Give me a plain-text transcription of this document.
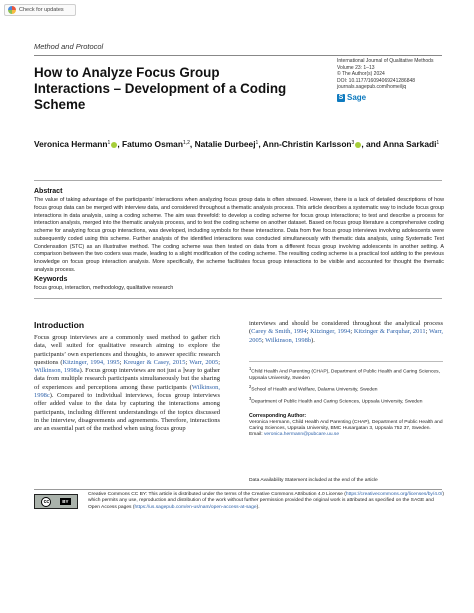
Check for updates
Method and Protocol
How to Analyze Focus Group Interactions – Development of a Coding Scheme
International Journal of Qualitative Methods
Volume 23: 1–13
© The Author(s) 2024
DOI: 10.1177/16094069241286848
journals.sagepub.com/home/ijq
S Sage
Veronica Hermann$^1$ , Fatumo Osman$^{1,2}$, Natalie Durbeej$^1$, Ann-Christin Karlsson$^3$ , and Anna Sarkadi$^1$
Abstract
The value of taking advantage of the participants’ interactions when analyzing focus group data is often stressed. However, there is a lack of detailed descriptions of how focus group data can be merged with interview data, and considered throughout a thematic analysis process. This article describes a systematic way to include focus group interactions in data analysis, using a coding scheme. The aim was threefold: to develop a coding scheme for focus group interactions; to test and describe a process for interaction analysis, merged into the thematic analysis process, and to test the coding scheme on another dataset. Based on focus group literature a comprehensive coding scheme for analyzing focus group interactions, was developed, including symbols for these interactions. Data from five focus group interviews involving adolescents were subsequently coded using this scheme. Further analysis of the identified interactions was conducted simultaneously with thematic data analysis, using Systematic Text Condensation (STC) as an illustrative method. The coding scheme was then tested on data from a different focus group involving adolescents in another setting. A comparison between the two coders was made, leading to a slight modification of the coding scheme. The resulting coding scheme is a practical tool adding to the previous knowledge on focus group interaction analysis. More specifically, the scheme facilitates focus group interactions to be visible and accounted for thought the thematic analysis process.
Keywords
focus group, interaction, methodology, qualitative research
Introduction
Focus group interviews are a commonly used method to gather rich data, well suited for qualitative research aiming to explore the participants’ own experiences and thoughts, to answer specific research questions (Kitzinger, 1994, 1995; Kreuger & Casey, 2015; Warr, 2005; Wilkinson, 1998a). Focus group interviews are not just a ]way to gather data from multiple research participants simultaneously but the sharing of experiences and perceptions among these participants (Wilkinson, 1998c). Compared to individual interviews, focus group interviews offer added value to the data by capturing the interactions among participants, including different understandings of the topics discussed in the interview, disagreements and agreements. Therefore, interactions are an essential part of the method when using focus group
interviews and should be considered throughout the analytical process (Carey & Smith, 1994; Kitzinger, 1994; Kitzinger & Farquhar, 2011; Warr, 2005; Wilkinson, 1998b).
$^1$Child Health And Parenting (CHAP), Department of Public Health and Caring Sciences, Uppsala University, Sweden
$^2$School of Health and Welfare, Dalarna University, Sweden
$^3$Department of Public Health and Caring Sciences, Uppsala University, Sweden
Corresponding Author:
Veronica Hermann, Child Health And Parenting (CHAP), Department of Public Health and Caring Sciences, Uppsala University, BMC Husargatan 3, Uppsala 752 37, Sweden.
Email: veronica.hermann@pubcare.uu.se
Data Availability Statement included at the end of the article
cc	BY
Creative Commons CC BY: This article is distributed under the terms of the Creative Commons Attribution 4.0 License (https://creativecommons.org/licenses/by/4.0/) which permits any use, reproduction and distribution of the work without further permission provided the original work is attributed as specified on the SAGE and Open Access pages (https://us.sagepub.com/en-us/nam/open-access-at-sage).
